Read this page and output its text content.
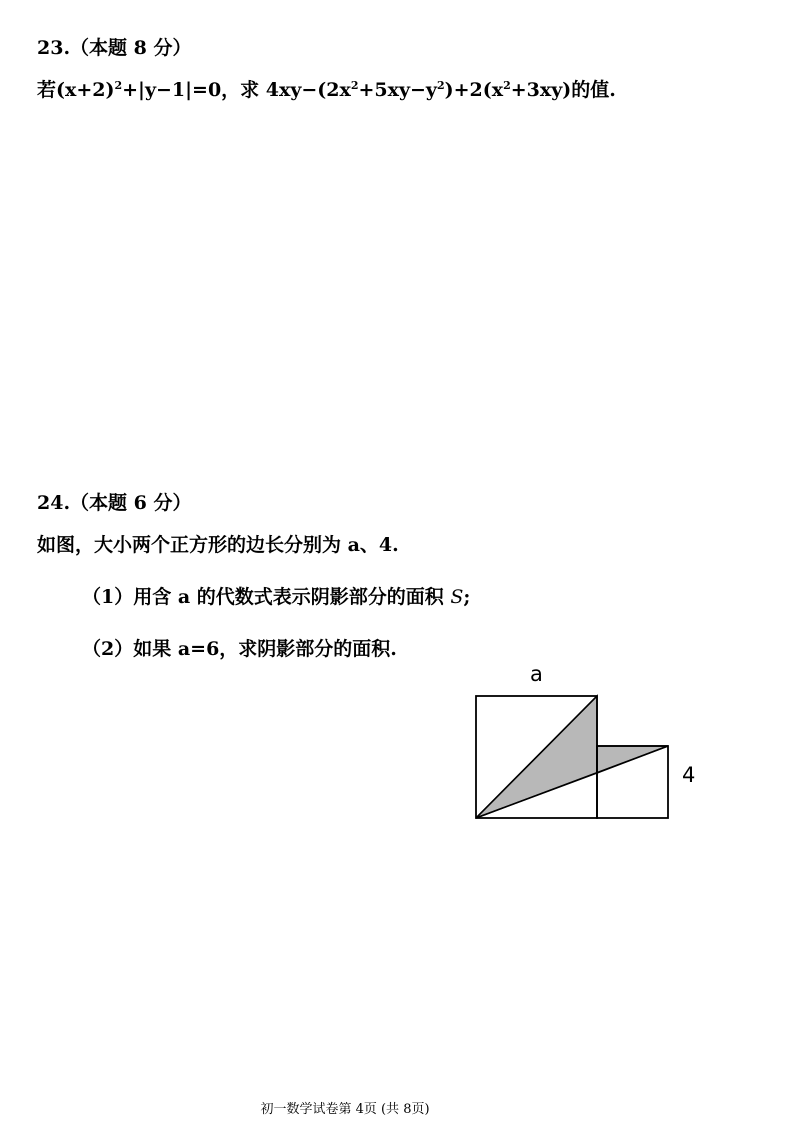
23.（本题 8 分）
若$(x+2)^2+|y-1|=0$，求 $4xy-(2x^2+5xy-y^2)+2(x^2+3xy)$的值.
24.（本题 6 分）
如图，大小两个正方形的边长分别为 a、4.
（1）用含 a 的代数式表示阴影部分的面积 S;
（2）如果 a=6，求阴影部分的面积.
a
4
初一数学试卷第 4页 (共 8页)
